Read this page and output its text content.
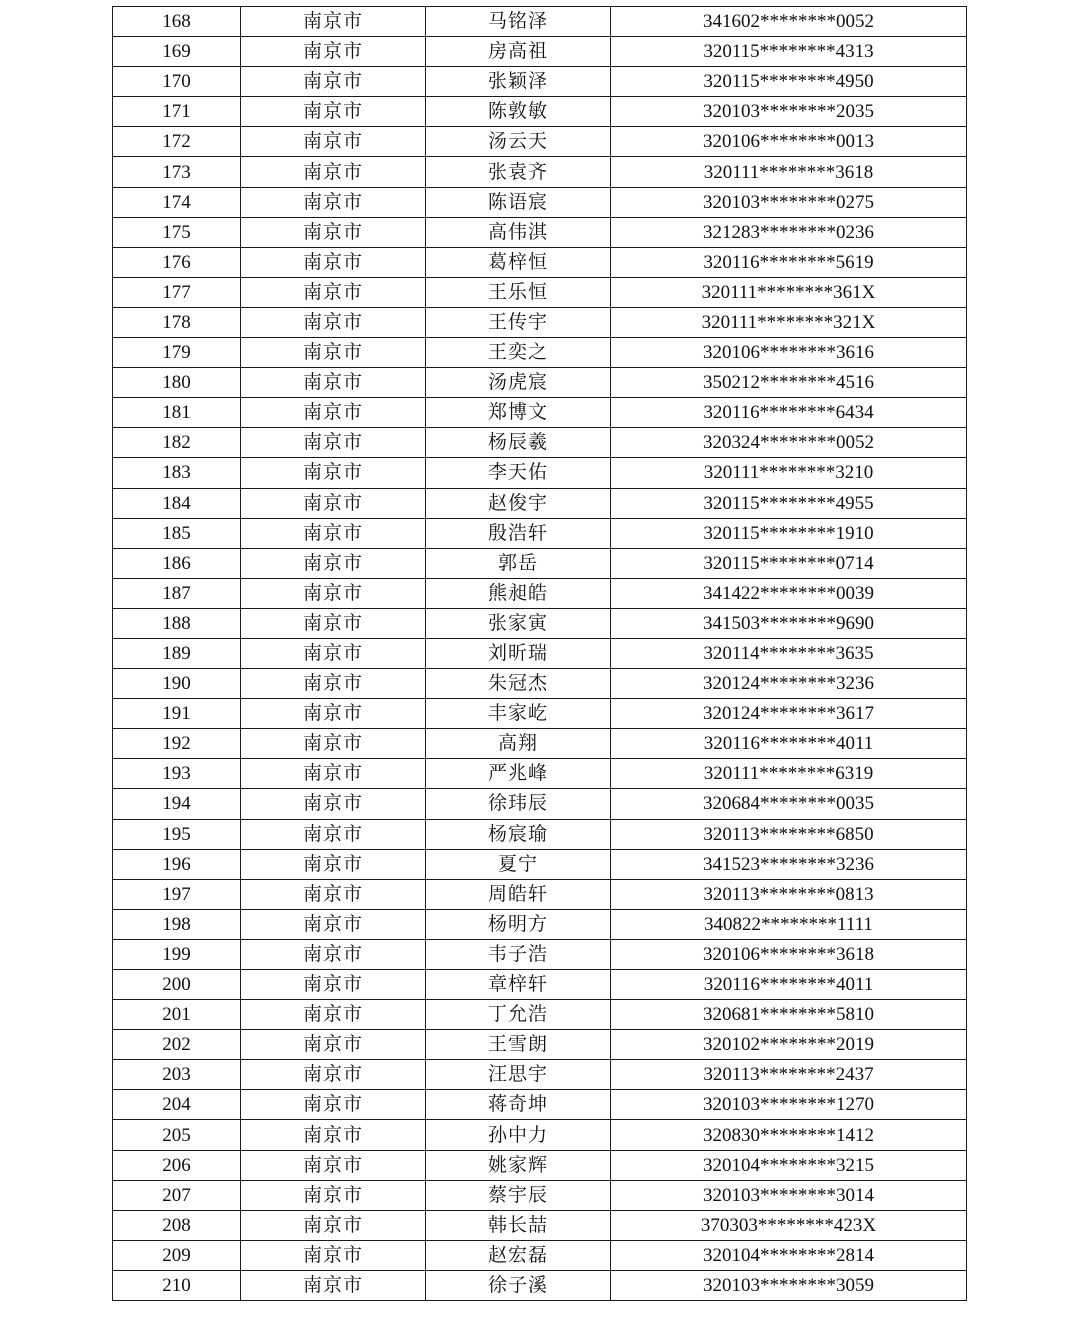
168	南京市	马铭泽	341602********0052
169	南京市	房高祖	320115********4313
170	南京市	张颖泽	320115********4950
171	南京市	陈敦敏	320103********2035
172	南京市	汤云天	320106********0013
173	南京市	张袁齐	320111********3618
174	南京市	陈语宸	320103********0275
175	南京市	高伟淇	321283********0236
176	南京市	葛梓恒	320116********5619
177	南京市	王乐恒	320111********361X
178	南京市	王传宇	320111********321X
179	南京市	王奕之	320106********3616
180	南京市	汤虎宸	350212********4516
181	南京市	郑博文	320116********6434
182	南京市	杨辰羲	320324********0052
183	南京市	李天佑	320111********3210
184	南京市	赵俊宇	320115********4955
185	南京市	殷浩轩	320115********1910
186	南京市	郭岳	320115********0714
187	南京市	熊昶皓	341422********0039
188	南京市	张家寅	341503********9690
189	南京市	刘昕瑞	320114********3635
190	南京市	朱冠杰	320124********3236
191	南京市	丰家屹	320124********3617
192	南京市	高翔	320116********4011
193	南京市	严兆峰	320111********6319
194	南京市	徐玮辰	320684********0035
195	南京市	杨宸瑜	320113********6850
196	南京市	夏宁	341523********3236
197	南京市	周皓轩	320113********0813
198	南京市	杨明方	340822********1111
199	南京市	韦子浩	320106********3618
200	南京市	章梓轩	320116********4011
201	南京市	丁允浩	320681********5810
202	南京市	王雪朗	320102********2019
203	南京市	汪思宇	320113********2437
204	南京市	蒋奇坤	320103********1270
205	南京市	孙中力	320830********1412
206	南京市	姚家辉	320104********3215
207	南京市	蔡宇辰	320103********3014
208	南京市	韩长喆	370303********423X
209	南京市	赵宏磊	320104********2814
210	南京市	徐子溪	320103********3059
